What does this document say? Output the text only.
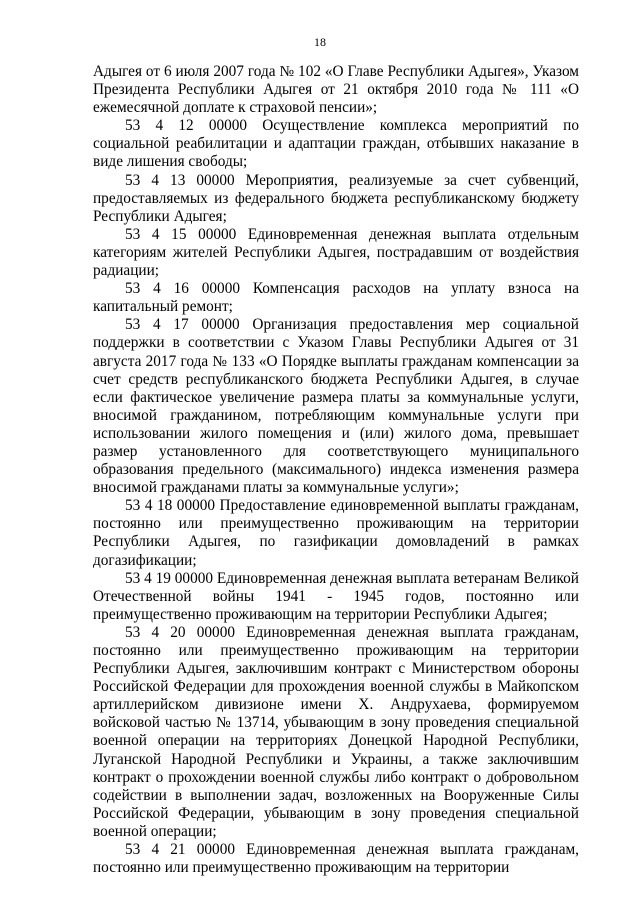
18

Адыгея от 6 июля 2007 года № 102 «О Главе Республики Адыгея», Указом Президента Республики Адыгея от 21 октября 2010 года № 111 «О ежемесячной доплате к страховой пенсии»;

53 4 12 00000 Осуществление комплекса мероприятий по социальной реабилитации и адаптации граждан, отбывших наказание в виде лишения свободы;

53 4 13 00000 Мероприятия, реализуемые за счет субвенций, предоставляемых из федерального бюджета республиканскому бюджету Республики Адыгея;

53 4 15 00000 Единовременная денежная выплата отдельным категориям жителей Республики Адыгея, пострадавшим от воздействия радиации;

53 4 16 00000 Компенсация расходов на уплату взноса на капитальный ремонт;

53 4 17 00000 Организация предоставления мер социальной поддержки в соответствии с Указом Главы Республики Адыгея от 31 августа 2017 года № 133 «О Порядке выплаты гражданам компенсации за счет средств республиканского бюджета Республики Адыгея, в случае если фактическое увеличение размера платы за коммунальные услуги, вносимой гражданином, потребляющим коммунальные услуги при использовании жилого помещения и (или) жилого дома, превышает размер установленного для соответствующего муниципального образования предельного (максимального) индекса изменения размера вносимой гражданами платы за коммунальные услуги»;

53 4 18 00000 Предоставление единовременной выплаты гражданам, постоянно или преимущественно проживающим на территории Республики Адыгея, по газификации домовладений в рамках догазификации;

53 4 19 00000 Единовременная денежная выплата ветеранам Великой Отечественной войны 1941 - 1945 годов, постоянно или преимущественно проживающим на территории Республики Адыгея;

53 4 20 00000 Единовременная денежная выплата гражданам, постоянно или преимущественно проживающим на территории Республики Адыгея, заключившим контракт с Министерством обороны Российской Федерации для прохождения военной службы в Майкопском артиллерийском дивизионе имени Х. Андрухаева, формируемом войсковой частью № 13714, убывающим в зону проведения специальной военной операции на территориях Донецкой Народной Республики, Луганской Народной Республики и Украины, а также заключившим контракт о прохождении военной службы либо контракт о добровольном содействии в выполнении задач, возложенных на Вооруженные Силы Российской Федерации, убывающим в зону проведения специальной военной операции;

53 4 21 00000 Единовременная денежная выплата гражданам, постоянно или преимущественно проживающим на территории
